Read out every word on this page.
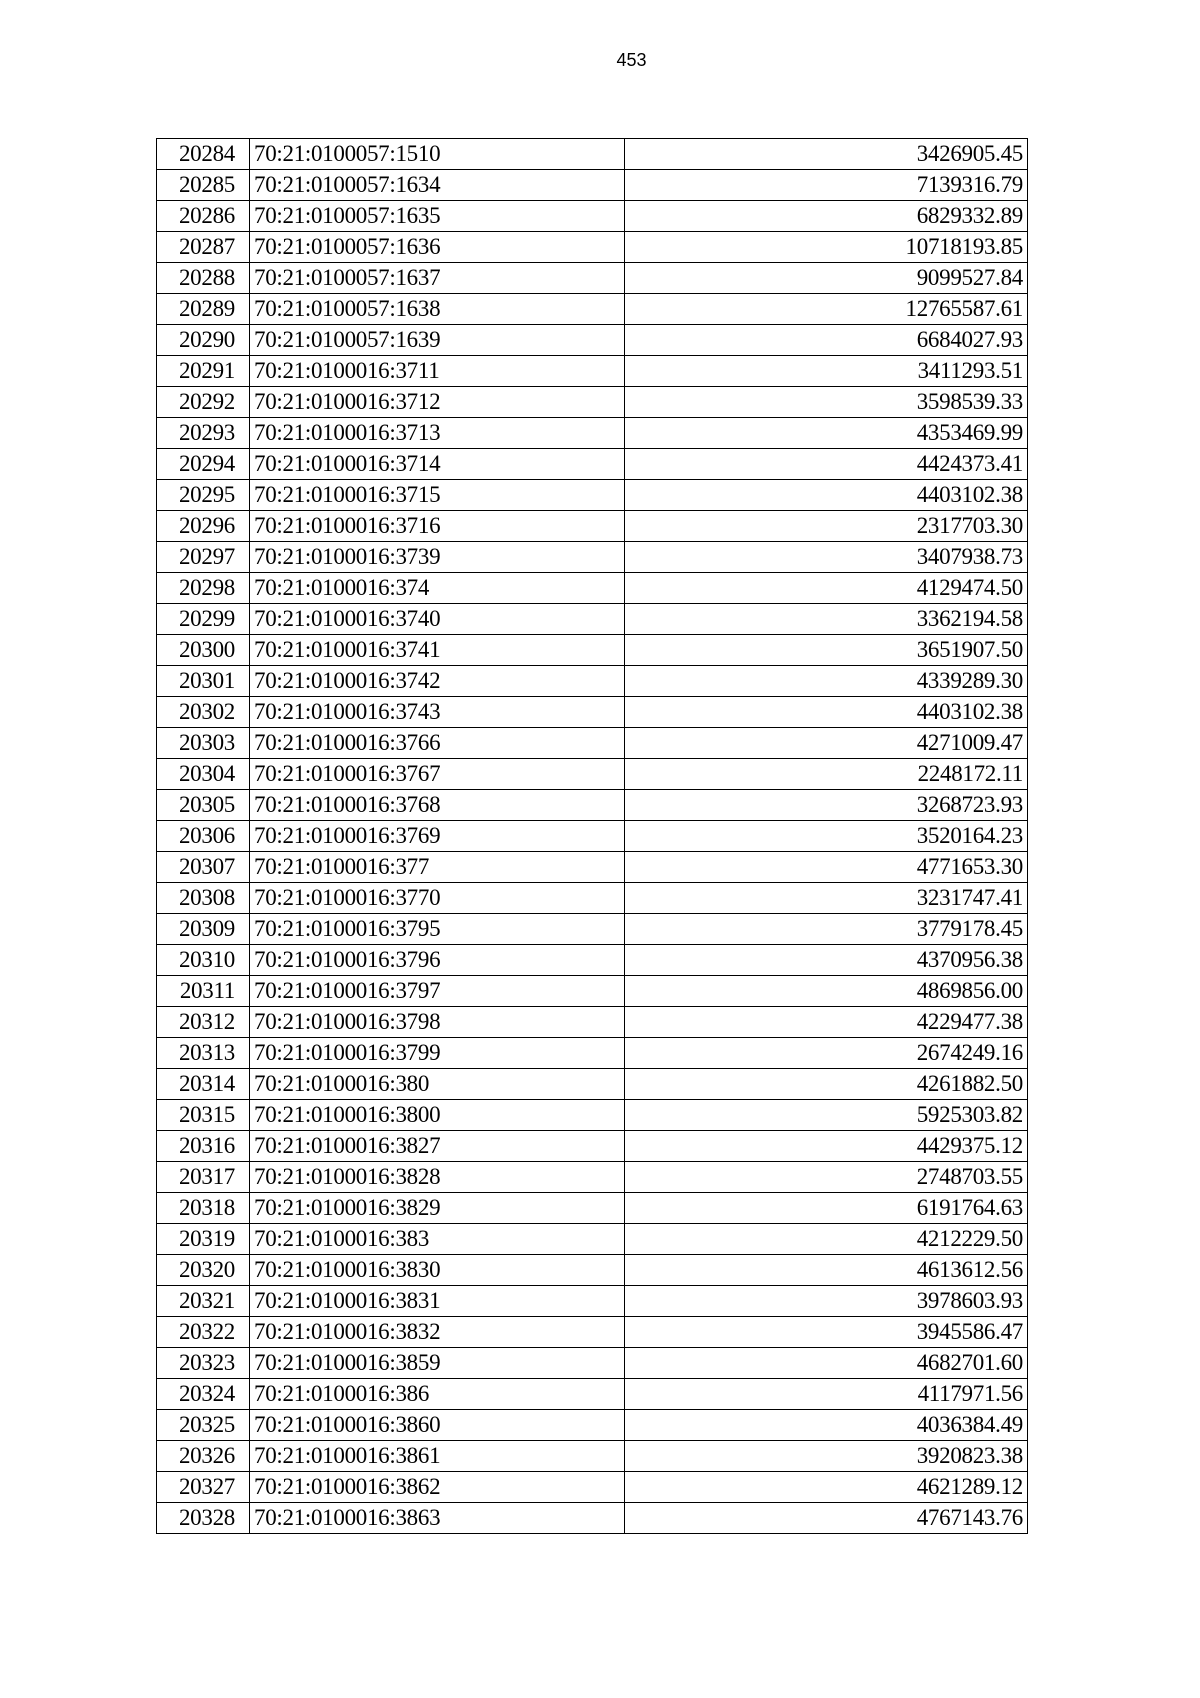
453
20284	70:21:0100057:1510	3426905.45
20285	70:21:0100057:1634	7139316.79
20286	70:21:0100057:1635	6829332.89
20287	70:21:0100057:1636	10718193.85
20288	70:21:0100057:1637	9099527.84
20289	70:21:0100057:1638	12765587.61
20290	70:21:0100057:1639	6684027.93
20291	70:21:0100016:3711	3411293.51
20292	70:21:0100016:3712	3598539.33
20293	70:21:0100016:3713	4353469.99
20294	70:21:0100016:3714	4424373.41
20295	70:21:0100016:3715	4403102.38
20296	70:21:0100016:3716	2317703.30
20297	70:21:0100016:3739	3407938.73
20298	70:21:0100016:374	4129474.50
20299	70:21:0100016:3740	3362194.58
20300	70:21:0100016:3741	3651907.50
20301	70:21:0100016:3742	4339289.30
20302	70:21:0100016:3743	4403102.38
20303	70:21:0100016:3766	4271009.47
20304	70:21:0100016:3767	2248172.11
20305	70:21:0100016:3768	3268723.93
20306	70:21:0100016:3769	3520164.23
20307	70:21:0100016:377	4771653.30
20308	70:21:0100016:3770	3231747.41
20309	70:21:0100016:3795	3779178.45
20310	70:21:0100016:3796	4370956.38
20311	70:21:0100016:3797	4869856.00
20312	70:21:0100016:3798	4229477.38
20313	70:21:0100016:3799	2674249.16
20314	70:21:0100016:380	4261882.50
20315	70:21:0100016:3800	5925303.82
20316	70:21:0100016:3827	4429375.12
20317	70:21:0100016:3828	2748703.55
20318	70:21:0100016:3829	6191764.63
20319	70:21:0100016:383	4212229.50
20320	70:21:0100016:3830	4613612.56
20321	70:21:0100016:3831	3978603.93
20322	70:21:0100016:3832	3945586.47
20323	70:21:0100016:3859	4682701.60
20324	70:21:0100016:386	4117971.56
20325	70:21:0100016:3860	4036384.49
20326	70:21:0100016:3861	3920823.38
20327	70:21:0100016:3862	4621289.12
20328	70:21:0100016:3863	4767143.76
